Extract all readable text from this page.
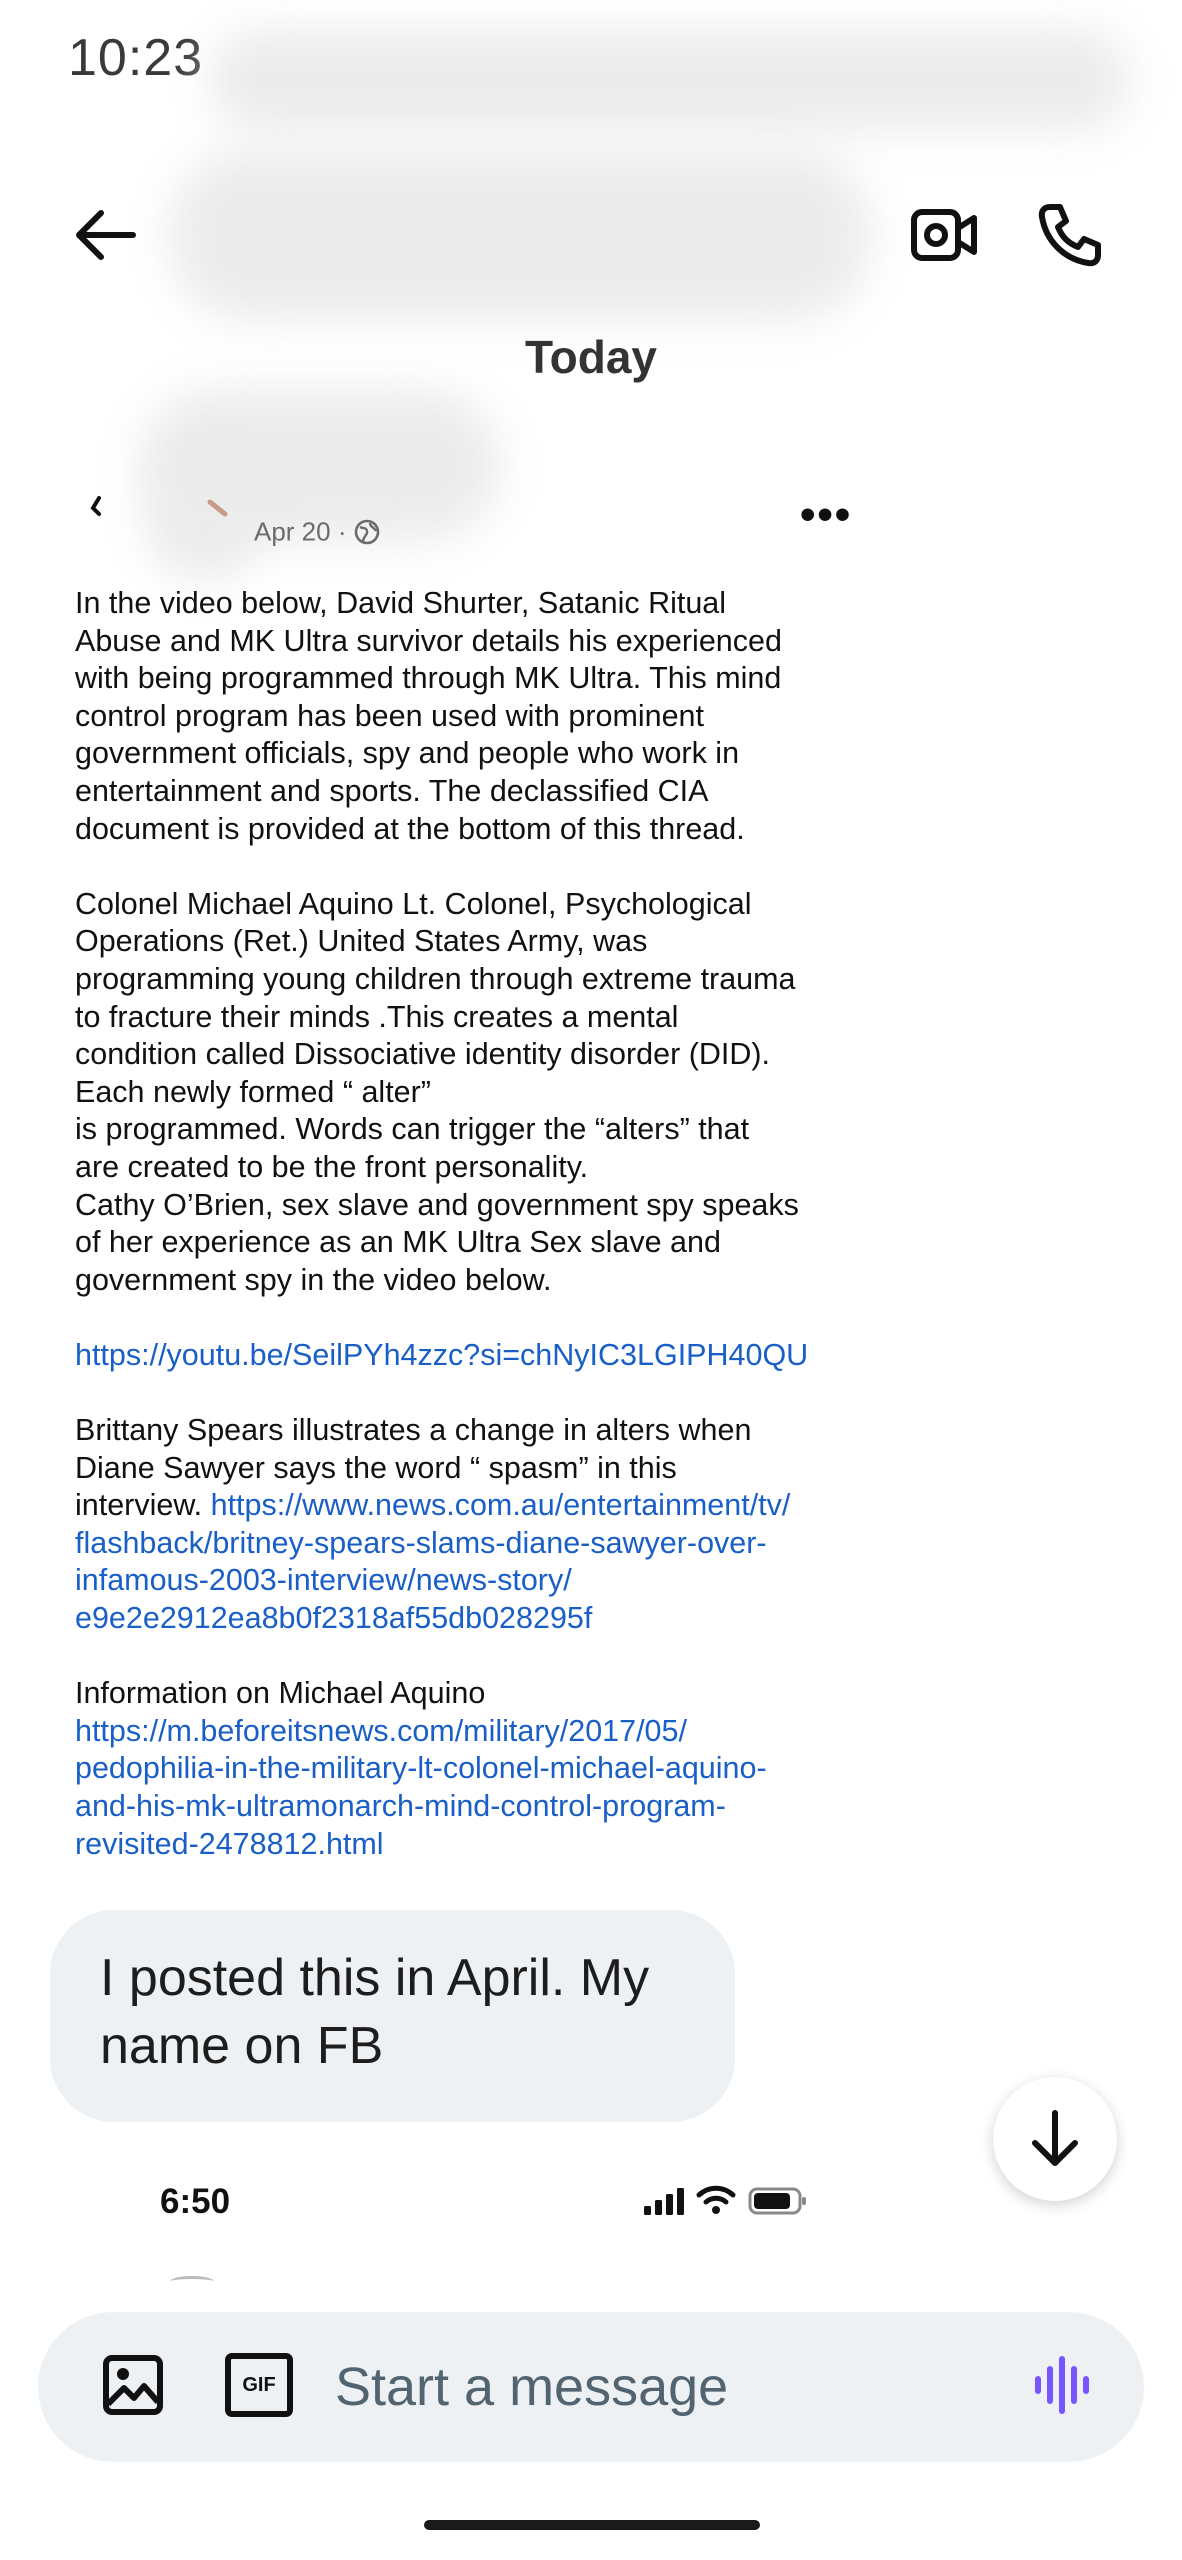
10:23
Today
Apr 20 ·	•••

In the video below, David Shurter, Satanic Ritual
Abuse and MK Ultra survivor details his experienced
with being programmed through MK Ultra. This mind
control program has been used with prominent
government officials, spy and people who work in
entertainment and sports. The declassified CIA
document is provided at the bottom of this thread.

Colonel Michael Aquino Lt. Colonel, Psychological
Operations (Ret.) United States Army, was
programming young children through extreme trauma
to fracture their minds .This creates a mental
condition called Dissociative identity disorder (DID).
Each newly formed “ alter”
is programmed. Words can trigger the “alters” that
are created to be the front personality.
Cathy O’Brien, sex slave and government spy speaks
of her experience as an MK Ultra Sex slave and
government spy in the video below.

https://youtu.be/SeilPYh4zzc?si=chNyIC3LGIPH40QU

Brittany Spears illustrates a change in alters when
Diane Sawyer says the word “ spasm” in this
interview. https://www.news.com.au/entertainment/tv/
flashback/britney-spears-slams-diane-sawyer-over-
infamous-2003-interview/news-story/
e9e2e2912ea8b0f2318af55db028295f

Information on Michael Aquino
https://m.beforeitsnews.com/military/2017/05/
pedophilia-in-the-military-lt-colonel-michael-aquino-
and-his-mk-ultramonarch-mind-control-program-
revisited-2478812.html

I posted this in April. My name on FB
6:50
GIF
Start a message
